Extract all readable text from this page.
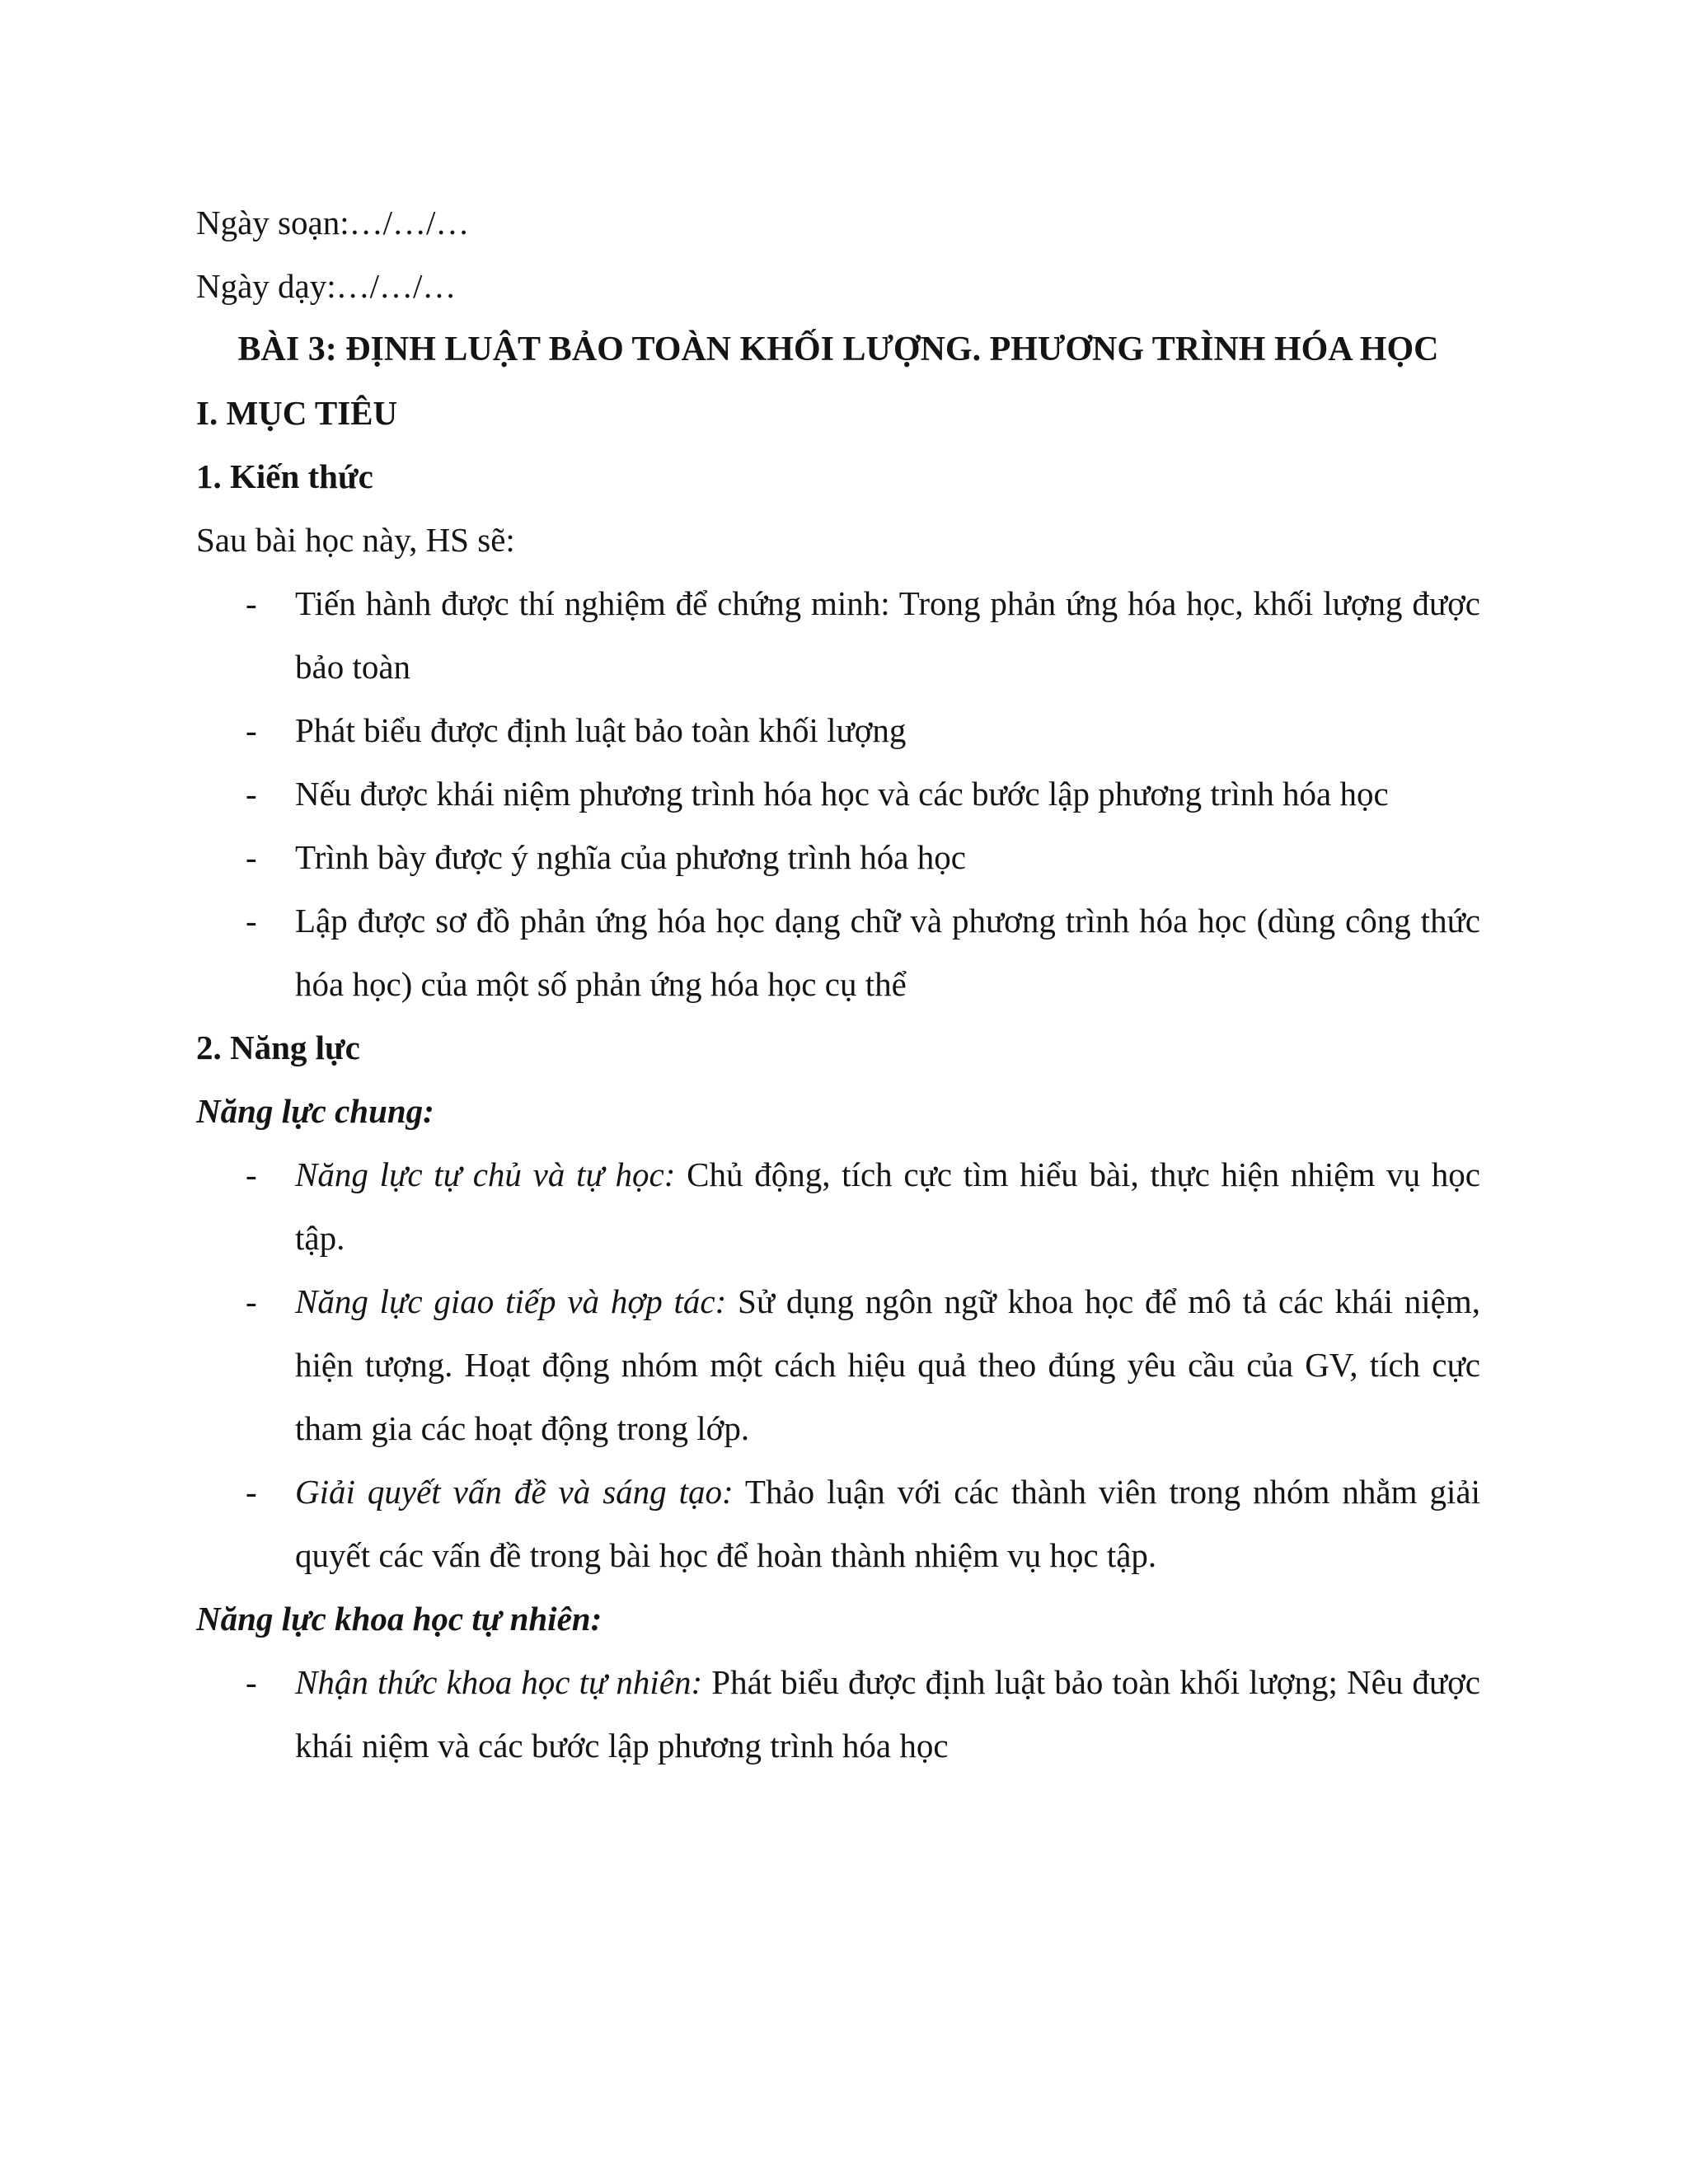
Ngày soạn:…/…/…

Ngày dạy:…/…/…

BÀI 3: ĐỊNH LUẬT BẢO TOÀN KHỐI LƯỢNG. PHƯƠNG TRÌNH HÓA HỌC

I. MỤC TIÊU

1. Kiến thức

Sau bài học này, HS sẽ:

- Tiến hành được thí nghiệm để chứng minh: Trong phản ứng hóa học, khối lượng được bảo toàn
- Phát biểu được định luật bảo toàn khối lượng
- Nếu được khái niệm phương trình hóa học và các bước lập phương trình hóa học
- Trình bày được ý nghĩa của phương trình hóa học
- Lập được sơ đồ phản ứng hóa học dạng chữ và phương trình hóa học (dùng công thức hóa học) của một số phản ứng hóa học cụ thể

2. Năng lực

Năng lực chung:

- Năng lực tự chủ và tự học: Chủ động, tích cực tìm hiểu bài, thực hiện nhiệm vụ học tập.
- Năng lực giao tiếp và hợp tác: Sử dụng ngôn ngữ khoa học để mô tả các khái niệm, hiện tượng. Hoạt động nhóm một cách hiệu quả theo đúng yêu cầu của GV, tích cực tham gia các hoạt động trong lớp.
- Giải quyết vấn đề và sáng tạo: Thảo luận với các thành viên trong nhóm nhằm giải quyết các vấn đề trong bài học để hoàn thành nhiệm vụ học tập.

Năng lực khoa học tự nhiên:

- Nhận thức khoa học tự nhiên: Phát biểu được định luật bảo toàn khối lượng; Nêu được khái niệm và các bước lập phương trình hóa học
